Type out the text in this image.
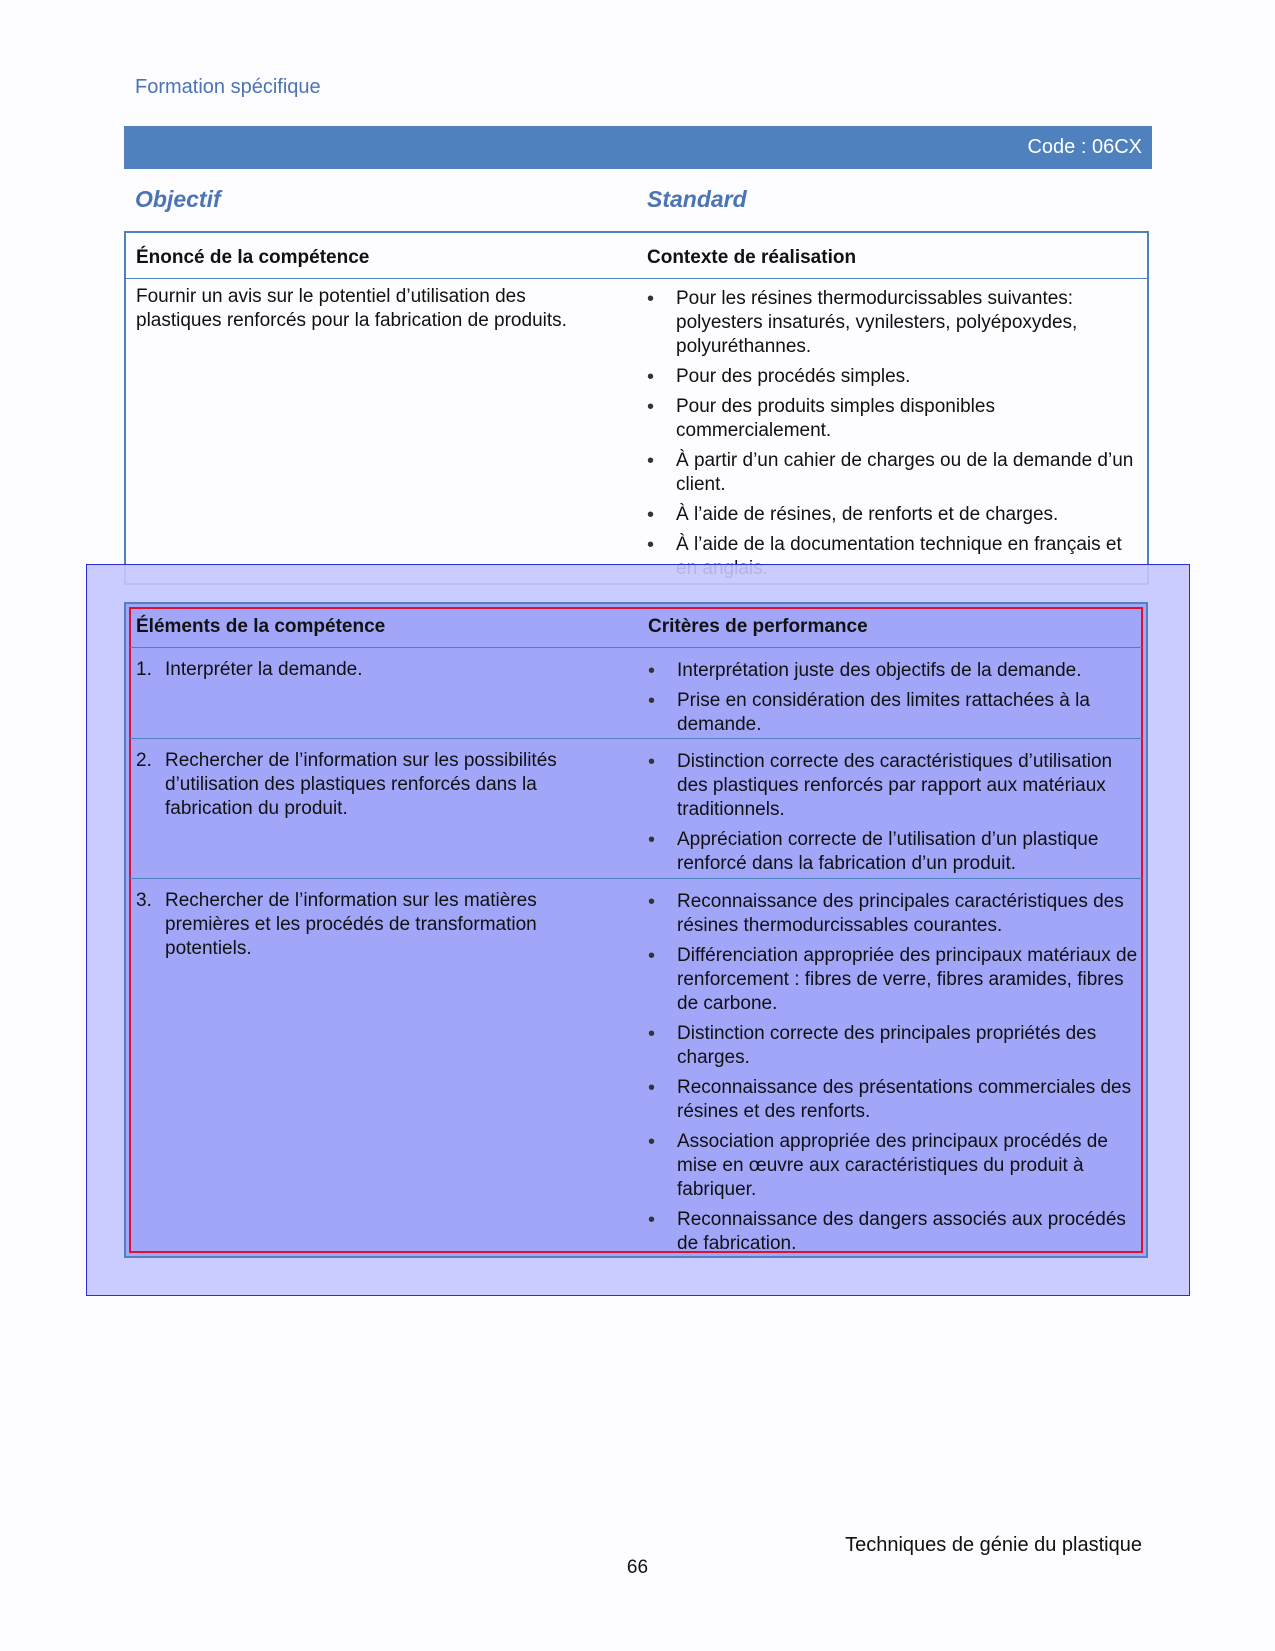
Formation spécifique
Code : 06CX
Objectif	Standard
Énoncé de la compétence	Contexte de réalisation
Fournir un avis sur le potentiel d’utilisation des plastiques renforcés pour la fabrication de produits.
• Pour les résines thermodurcissables suivantes: polyesters insaturés, vynilesters, polyépoxydes, polyuréthannes.
• Pour des procédés simples.
• Pour des produits simples disponibles commercialement.
• À partir d’un cahier de charges ou de la demande d’un client.
• À l’aide de résines, de renforts et de charges.
• À l’aide de la documentation technique en français et
Éléments de la compétence	Critères de performance
1. Interpréter la demande.
•	Interprétation juste des objectifs de la demande.
• Prise en considération des limites rattachées à la demande.
2. Rechercher de l’information sur les possibilités d’utilisation des plastiques renforcés dans la fabrication du produit.
• Distinction correcte des caractéristiques d’utilisation des plastiques renforcés par rapport aux matériaux traditionnels.
• Appréciation correcte de l’utilisation d’un plastique renforcé dans la fabrication d’un produit.
3. Rechercher de l’information sur les matières premières et les procédés de transformation potentiels.
• Reconnaissance des principales caractéristiques des résines thermodurcissables courantes.
• Différenciation appropriée des principaux matériaux de renforcement : fibres de verre, fibres aramides, fibres de carbone.
• Distinction correcte des principales propriétés des charges.
• Reconnaissance des présentations commerciales des résines et des renforts.
• Association appropriée des principaux procédés de mise en œuvre aux caractéristiques du produit à fabriquer.
• Reconnaissance des dangers associés aux procédés de fabrication.
Techniques de génie du plastique
66
